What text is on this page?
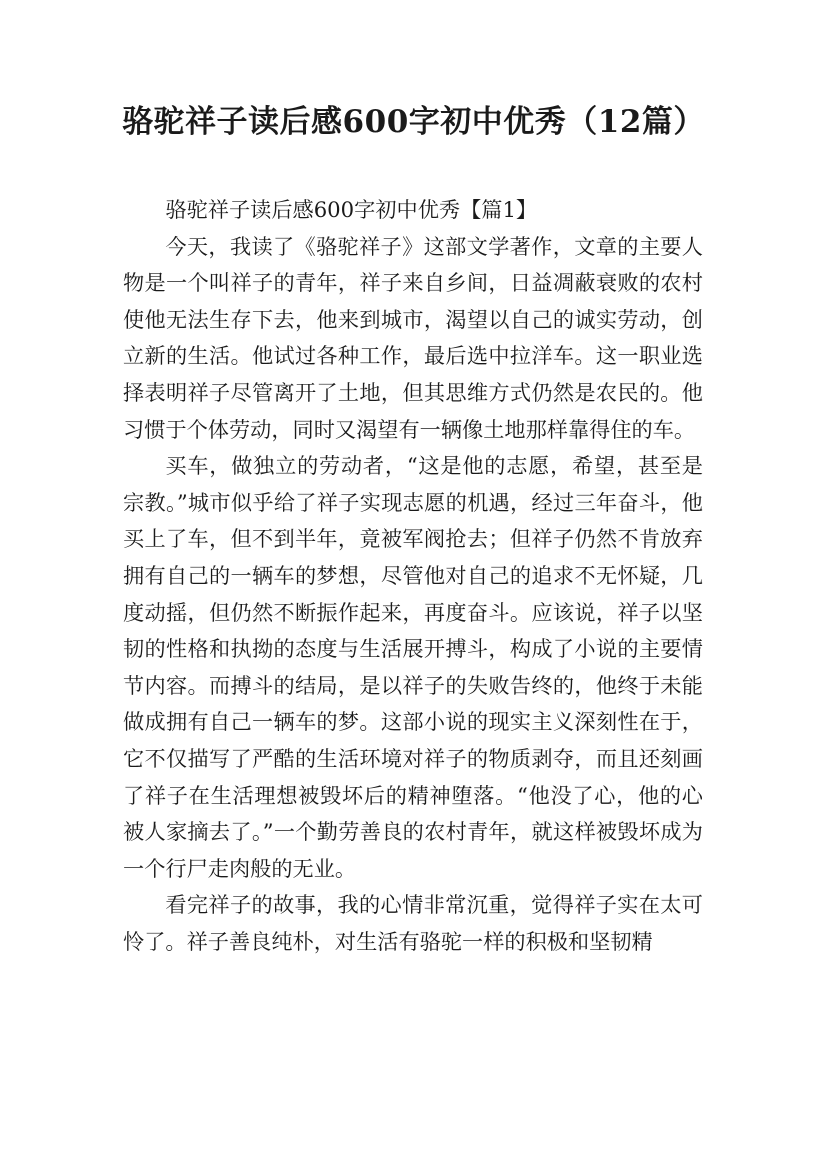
骆驼祥子读后感600字初中优秀（12篇）

骆驼祥子读后感600字初中优秀【篇1】

今天，我读了《骆驼祥子》这部文学著作，文章的主要人物是一个叫祥子的青年，祥子来自乡间，日益凋蔽衰败的农村使他无法生存下去，他来到城市，渴望以自己的诚实劳动，创立新的生活。他试过各种工作，最后选中拉洋车。这一职业选择表明祥子尽管离开了土地，但其思维方式仍然是农民的。他习惯于个体劳动，同时又渴望有一辆像土地那样靠得住的车。

买车，做独立的劳动者，“这是他的志愿，希望，甚至是宗教。”城市似乎给了祥子实现志愿的机遇，经过三年奋斗，他买上了车，但不到半年，竟被军阀抢去；但祥子仍然不肯放弃拥有自己的一辆车的梦想，尽管他对自己的追求不无怀疑，几度动摇，但仍然不断振作起来，再度奋斗。应该说，祥子以坚韧的性格和执拗的态度与生活展开搏斗，构成了小说的主要情节内容。而搏斗的结局，是以祥子的失败告终的，他终于未能做成拥有自己一辆车的梦。这部小说的现实主义深刻性在于，它不仅描写了严酷的生活环境对祥子的物质剥夺，而且还刻画了祥子在生活理想被毁坏后的精神堕落。“他没了心，他的心被人家摘去了。”一个勤劳善良的农村青年，就这样被毁坏成为一个行尸走肉般的无业。

看完祥子的故事，我的心情非常沉重，觉得祥子实在太可怜了。祥子善良纯朴，对生活有骆驼一样的积极和坚韧精
